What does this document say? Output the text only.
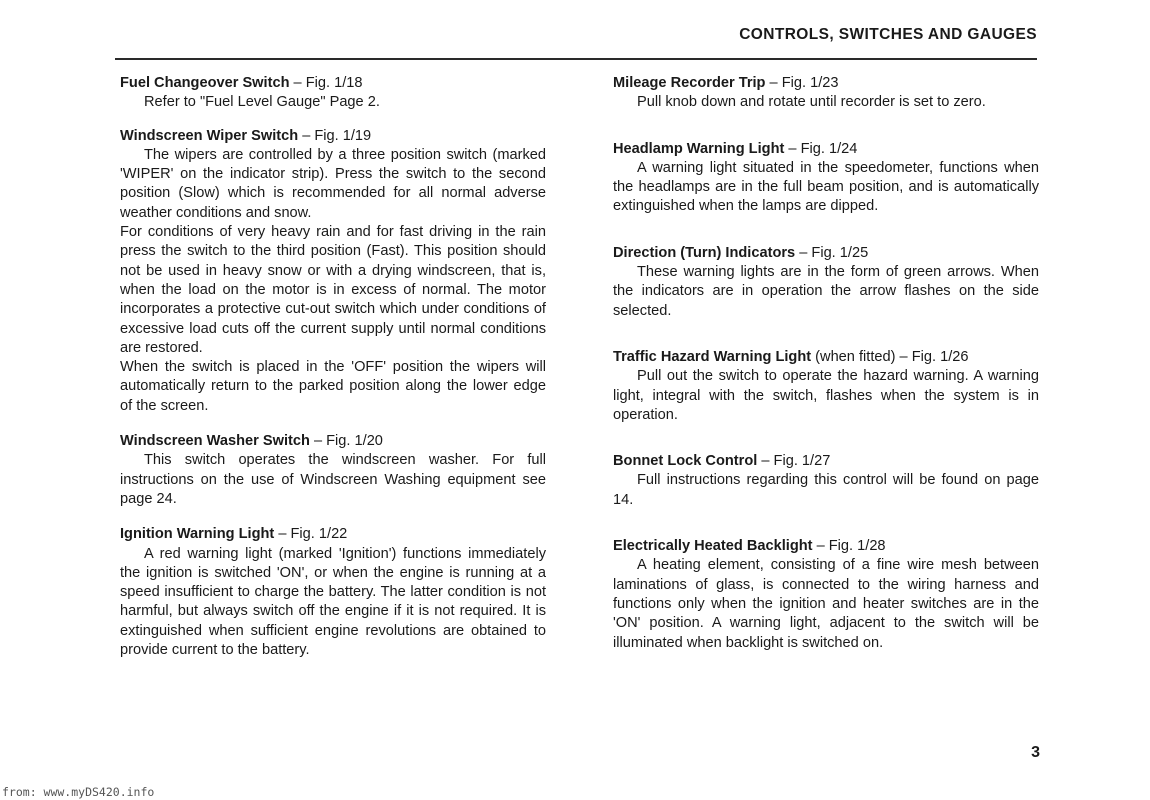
CONTROLS, SWITCHES AND GAUGES

Fuel Changeover Switch – Fig. 1/18

Refer to "Fuel Level Gauge" Page 2.

Windscreen Wiper Switch – Fig. 1/19

The wipers are controlled by a three position switch (marked 'WIPER' on the indicator strip). Press the switch to the second position (Slow) which is recommended for all normal adverse weather conditions and snow.

For conditions of very heavy rain and for fast driving in the rain press the switch to the third position (Fast). This position should not be used in heavy snow or with a drying windscreen, that is, when the load on the motor is in excess of normal. The motor incorporates a protective cut-out switch which under conditions of excessive load cuts off the current supply until normal conditions are restored.

When the switch is placed in the 'OFF' position the wipers will automatically return to the parked position along the lower edge of the screen.

Windscreen Washer Switch – Fig. 1/20

This switch operates the windscreen washer. For full instructions on the use of Windscreen Washing equipment see page 24.

Ignition Warning Light – Fig. 1/22

A red warning light (marked 'Ignition') functions immediately the ignition is switched 'ON', or when the engine is running at a speed insufficient to charge the battery. The latter condition is not harmful, but always switch off the engine if it is not required. It is extinguished when sufficient engine revolutions are obtained to provide current to the battery.

Mileage Recorder Trip – Fig. 1/23

Pull knob down and rotate until recorder is set to zero.

Headlamp Warning Light – Fig. 1/24

A warning light situated in the speedometer, functions when the headlamps are in the full beam position, and is automatically extinguished when the lamps are dipped.

Direction (Turn) Indicators – Fig. 1/25

These warning lights are in the form of green arrows. When the indicators are in operation the arrow flashes on the side selected.

Traffic Hazard Warning Light (when fitted) – Fig. 1/26

Pull out the switch to operate the hazard warning. A warning light, integral with the switch, flashes when the system is in operation.

Bonnet Lock Control – Fig. 1/27

Full instructions regarding this control will be found on page 14.

Electrically Heated Backlight – Fig. 1/28

A heating element, consisting of a fine wire mesh between laminations of glass, is connected to the wiring harness and functions only when the ignition and heater switches are in the 'ON' position. A warning light, adjacent to the switch will be illuminated when backlight is switched on.

3
from: www.myDS420.info
